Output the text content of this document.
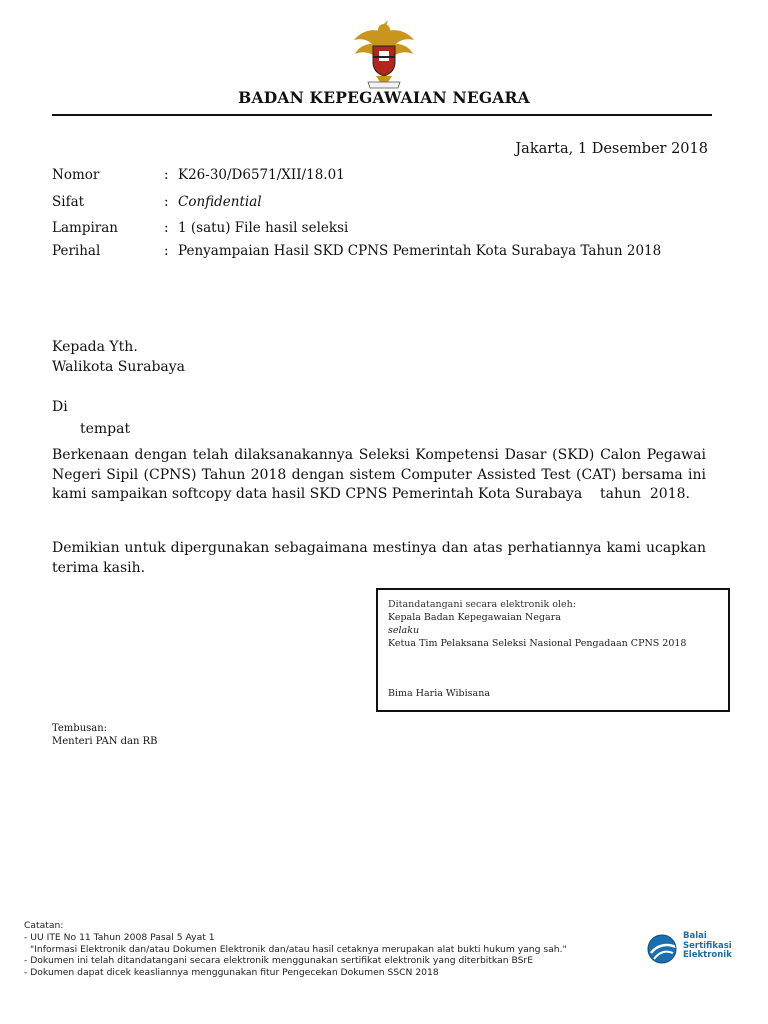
BADAN KEPEGAWAIAN NEGARA
Jakarta, 1 Desember 2018
Nomor	: K26-30/D6571/XII/18.01
Sifat	: Confidential
Lampiran	: 1 (satu) File hasil seleksi
Perihal	: Penyampaian Hasil SKD CPNS Pemerintah Kota Surabaya Tahun 2018
Kepada Yth.
Walikota Surabaya
Di
tempat
Berkenaan dengan telah dilaksanakannya Seleksi Kompetensi Dasar (SKD) Calon Pegawai Negeri Sipil (CPNS) Tahun 2018 dengan sistem Computer Assisted Test (CAT) bersama ini kami sampaikan softcopy data hasil SKD CPNS Pemerintah Kota Surabaya    tahun  2018.
Demikian untuk dipergunakan sebagaimana mestinya dan atas perhatiannya kami ucapkan terima kasih.
Ditandatangani secara elektronik oleh:
Kepala Badan Kepegawaian Negara
selaku
Ketua Tim Pelaksana Seleksi Nasional Pengadaan CPNS 2018
Bima Haria Wibisana
Tembusan:
Menteri PAN dan RB
Catatan:
- UU ITE No 11 Tahun 2008 Pasal 5 Ayat 1
"Informasi Elektronik dan/atau Dokumen Elektronik dan/atau hasil cetaknya merupakan alat bukti hukum yang sah."
- Dokumen ini telah ditandatangani secara elektronik menggunakan sertifikat elektronik yang diterbitkan BSrE
- Dokumen dapat dicek keasliannya menggunakan fitur Pengecekan Dokumen SSCN 2018
Balai
Sertifikasi
Elektronik
